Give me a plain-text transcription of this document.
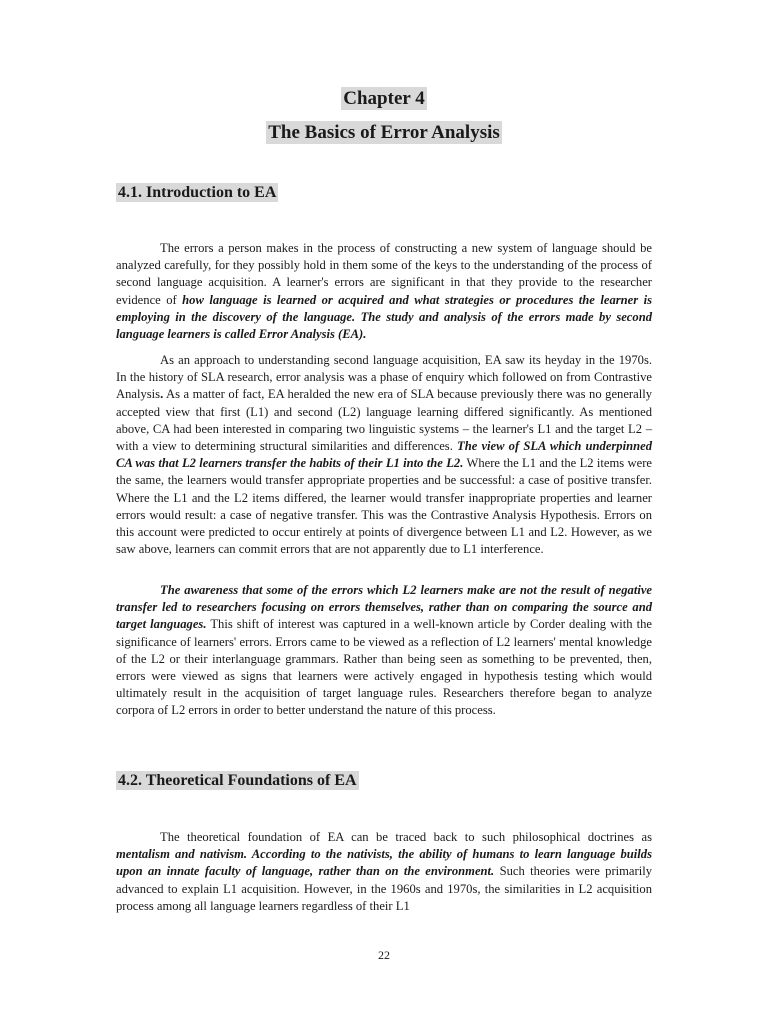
Chapter 4
The Basics of Error Analysis
4.1. Introduction to EA

The errors a person makes in the process of constructing a new system of language should be analyzed carefully, for they possibly hold in them some of the keys to the understanding of the process of second language acquisition. A learner's errors are significant in that they provide to the researcher evidence of how language is learned or acquired and what strategies or procedures the learner is employing in the discovery of the language. The study and analysis of the errors made by second language learners is called Error Analysis (EA).

As an approach to understanding second language acquisition, EA saw its heyday in the 1970s. In the history of SLA research, error analysis was a phase of enquiry which followed on from Contrastive Analysis. As a matter of fact, EA heralded the new era of SLA because previously there was no generally accepted view that first (L1) and second (L2) language learning differed significantly. As mentioned above, CA had been interested in comparing two linguistic systems – the learner's L1 and the target L2 – with a view to determining structural similarities and differences. The view of SLA which underpinned CA was that L2 learners transfer the habits of their L1 into the L2. Where the L1 and the L2 items were the same, the learners would transfer appropriate properties and be successful: a case of positive transfer. Where the L1 and the L2 items differed, the learner would transfer inappropriate properties and learner errors would result: a case of negative transfer. This was the Contrastive Analysis Hypothesis. Errors on this account were predicted to occur entirely at points of divergence between L1 and L2. However, as we saw above, learners can commit errors that are not apparently due to L1 interference.

The awareness that some of the errors which L2 learners make are not the result of negative transfer led to researchers focusing on errors themselves, rather than on comparing the source and target languages. This shift of interest was captured in a well-known article by Corder dealing with the significance of learners' errors. Errors came to be viewed as a reflection of L2 learners' mental knowledge of the L2 or their interlanguage grammars. Rather than being seen as something to be prevented, then, errors were viewed as signs that learners were actively engaged in hypothesis testing which would ultimately result in the acquisition of target language rules. Researchers therefore began to analyze corpora of L2 errors in order to better understand the nature of this process.

4.2. Theoretical Foundations of EA

The theoretical foundation of EA can be traced back to such philosophical doctrines as mentalism and nativism. According to the nativists, the ability of humans to learn language builds upon an innate faculty of language, rather than on the environment. Such theories were primarily advanced to explain L1 acquisition. However, in the 1960s and 1970s, the similarities in L2 acquisition process among all language learners regardless of their L1

22
